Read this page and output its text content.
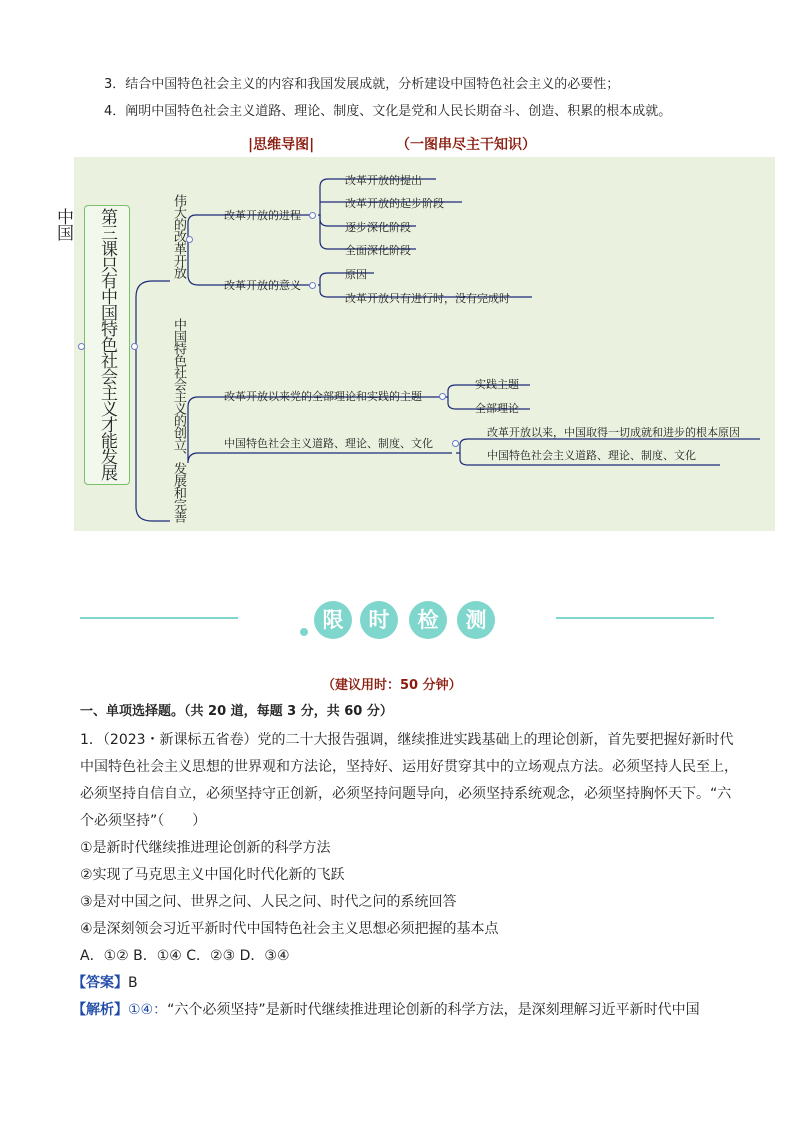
3．结合中国特色社会主义的内容和我国发展成就，分析建设中国特色社会主义的必要性；
4．阐明中国特色社会主义道路、理论、制度、文化是党和人民长期奋斗、创造、积累的根本成就。
|思维导图|	（一图串尽主干知识）
第三课只有中国特色社会主义才能发展中国	伟大的改革开放	改革开放的进程
改革开放的提出
改革开放的起步阶段
逐步深化阶段
全面深化阶段
改革开放的意义
原因
改革开放只有进行时，没有完成时
中国特色社会主义的创立、发展和完善	改革开放以来党的全部理论和实践的主题
实践主题
全部理论
中国特色社会主义道路、理论、制度、文化
改革开放以来，中国取得一切成就和进步的根本原因
中国特色社会主义道路、理论、制度、文化
限	时	检	测
（建议用时：50 分钟）
一、单项选择题。（共 20 道，每题 3 分，共 60 分）
1．（2023・新课标五省卷）党的二十大报告强调，继续推进实践基础上的理论创新，首先要把握好新时代
中国特色社会主义思想的世界观和方法论，坚持好、运用好贯穿其中的立场观点方法。必须坚持人民至上，
必须坚持自信自立，必须坚持守正创新，必须坚持问题导向，必须坚持系统观念，必须坚持胸怀天下。“六
个必须坚持”（　　）
①是新时代继续推进理论创新的科学方法
②实现了马克思主义中国化时代化新的飞跃
③是对中国之问、世界之问、人民之问、时代之问的系统回答
④是深刻领会习近平新时代中国特色社会主义思想必须把握的基本点
A．①② B．①④ C．②③ D．③④
【答案】B
【解析】①④：“六个必须坚持”是新时代继续推进理论创新的科学方法，是深刻理解习近平新时代中国
